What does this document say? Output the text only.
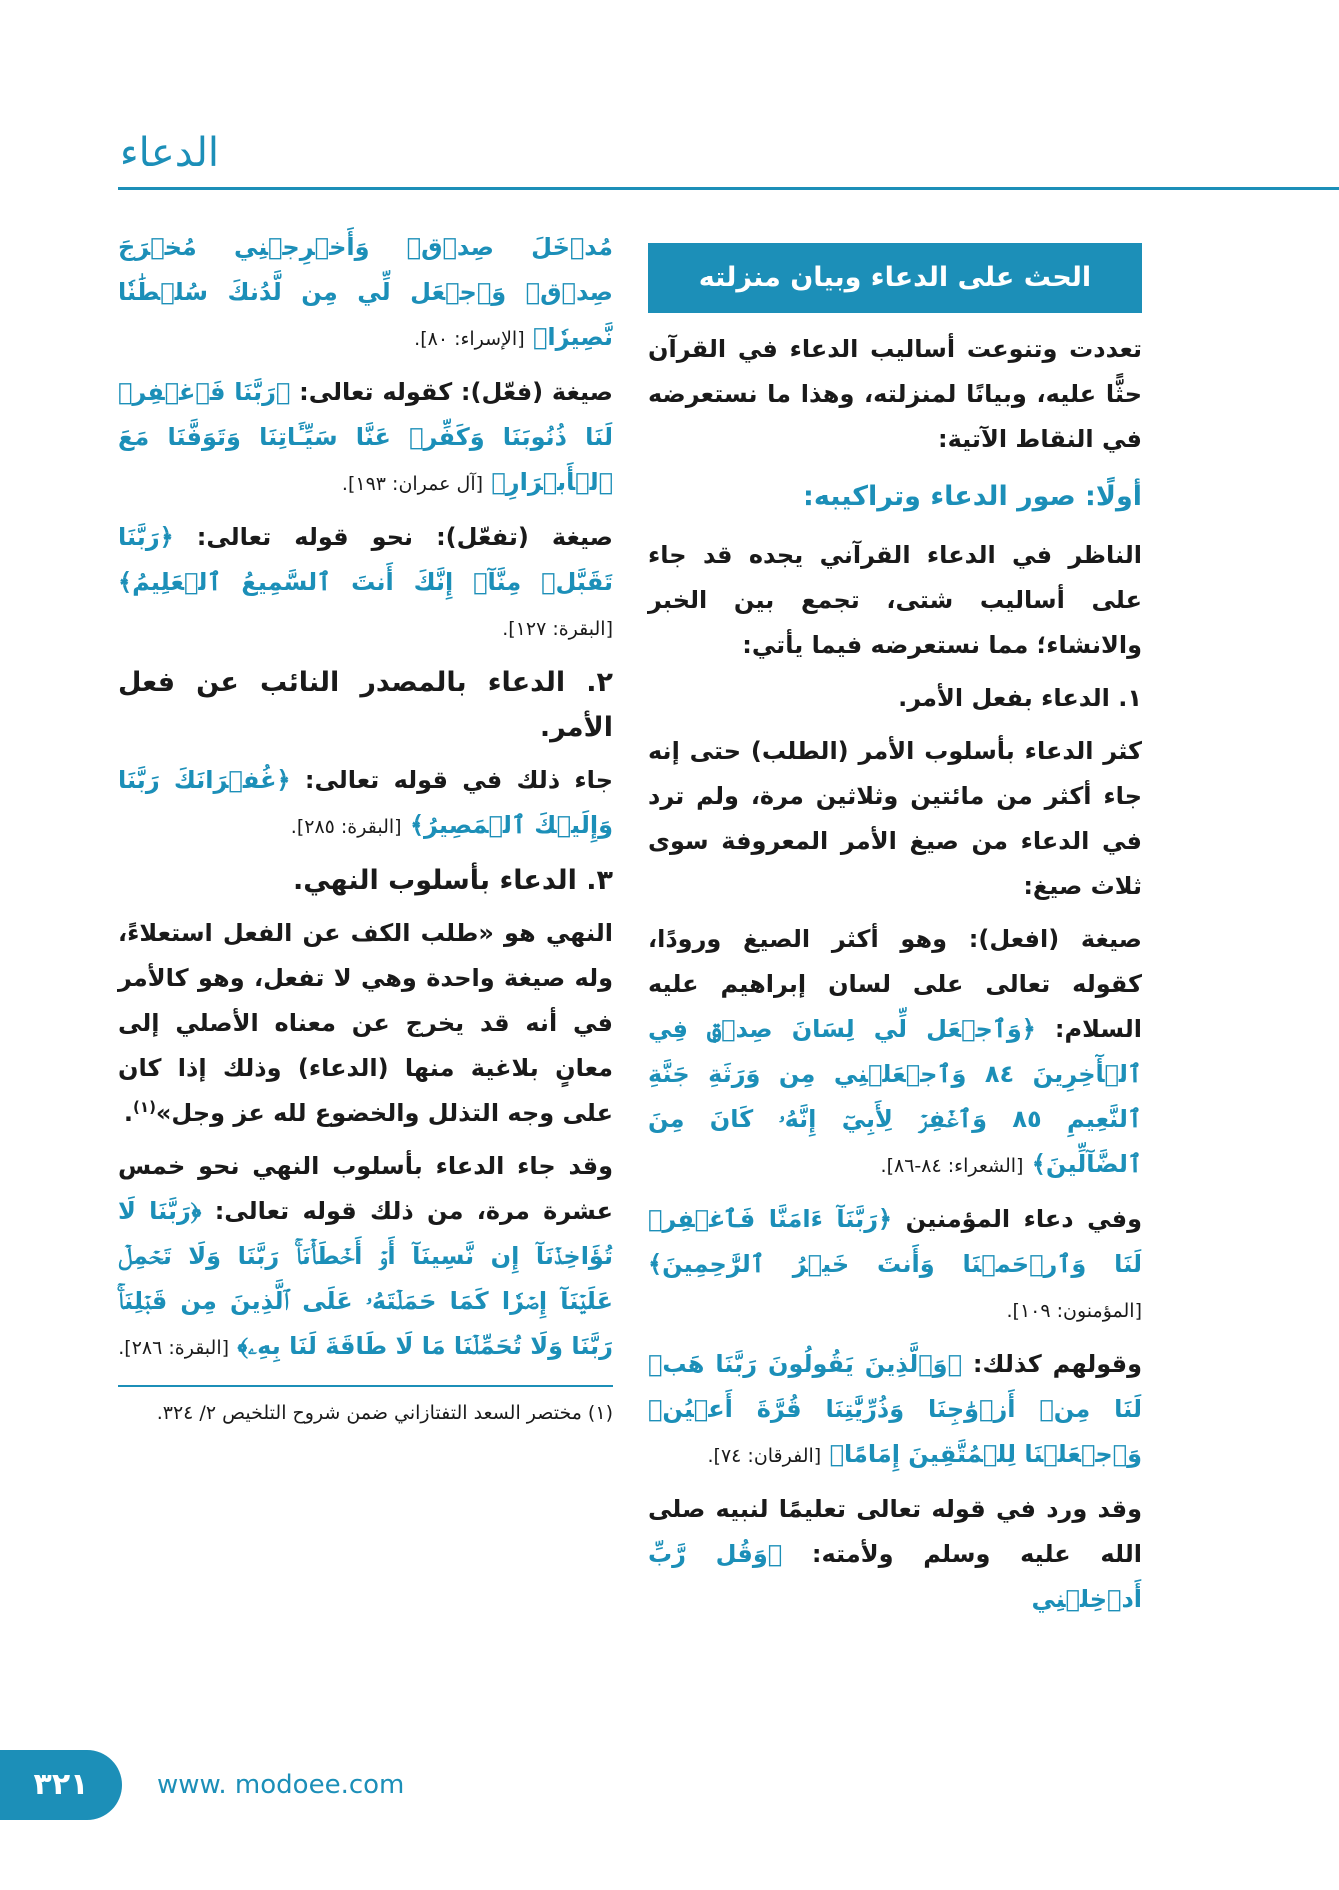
الدعاء
الحث على الدعاء وبيان منزلته

تعددت وتنوعت أساليب الدعاء في القرآن حثًّا عليه، وبيانًا لمنزلته، وهذا ما نستعرضه في النقاط الآتية:

أولًا: صور الدعاء وتراكيبه:

الناظر في الدعاء القرآني يجده قد جاء على أساليب شتى، تجمع بين الخبر والانشاء؛ مما نستعرضه فيما يأتي:

١. الدعاء بفعل الأمر.

كثر الدعاء بأسلوب الأمر (الطلب) حتى إنه جاء أكثر من مائتين وثلاثين مرة، ولم ترد في الدعاء من صيغ الأمر المعروفة سوى ثلاث صيغ:

صيغة (افعل): وهو أكثر الصيغ ورودًا، كقوله تعالى على لسان إبراهيم عليه السلام: ﴿وَٱجۡعَل لِّي لِسَانَ صِدۡقٖ فِي ٱلۡأٓخِرِينَ ٨٤ وَٱجۡعَلۡنِي مِن وَرَثَةِ جَنَّةِ ٱلنَّعِيمِ ٨٥ وَٱغۡفِرۡ لِأَبِيٓ إِنَّهُۥ كَانَ مِنَ ٱلضَّآلِّينَ﴾ [الشعراء: ٨٤-٨٦].

وفي دعاء المؤمنين ﴿رَبَّنَآ ءَامَنَّا فَٱغۡفِرۡ لَنَا وَٱرۡحَمۡنَا وَأَنتَ خَيۡرُ ٱلرَّٰحِمِينَ﴾ [المؤمنون: ١٠٩].

وقولهم كذلك: ﴿وَٱلَّذِينَ يَقُولُونَ رَبَّنَا هَبۡ لَنَا مِنۡ أَزۡوَٰجِنَا وَذُرِّيَّٰتِنَا قُرَّةَ أَعۡيُنٖ وَٱجۡعَلۡنَا لِلۡمُتَّقِينَ إِمَامًا﴾ [الفرقان: ٧٤].

وقد ورد في قوله تعالى تعليمًا لنبيه صلى الله عليه وسلم ولأمته: ﴿وَقُل رَّبِّ أَدۡخِلۡنِي

مُدۡخَلَ صِدۡقٖ وَأَخۡرِجۡنِي مُخۡرَجَ صِدۡقٖ وَٱجۡعَل لِّي مِن لَّدُنكَ سُلۡطَٰنٗا نَّصِيرٗا﴾ [الإسراء: ٨٠].

صيغة (فعّل): كقوله تعالى: ﴿رَبَّنَا فَٱغۡفِرۡ لَنَا ذُنُوبَنَا وَكَفِّرۡ عَنَّا سَيِّـَٔاتِنَا وَتَوَفَّنَا مَعَ ٱلۡأَبۡرَارِ﴾ [آل عمران: ١٩٣].

صيغة (تفعّل): نحو قوله تعالى: ﴿رَبَّنَا تَقَبَّلۡ مِنَّآۖ إِنَّكَ أَنتَ ٱلسَّمِيعُ ٱلۡعَلِيمُ﴾ [البقرة: ١٢٧].

٢. الدعاء بالمصدر النائب عن فعل الأمر.

جاء ذلك في قوله تعالى: ﴿غُفۡرَانَكَ رَبَّنَا وَإِلَيۡكَ ٱلۡمَصِيرُ﴾ [البقرة: ٢٨٥].

٣. الدعاء بأسلوب النهي.

النهي هو «طلب الكف عن الفعل استعلاءً، وله صيغة واحدة وهي لا تفعل، وهو كالأمر في أنه قد يخرج عن معناه الأصلي إلى معانٍ بلاغية منها (الدعاء) وذلك إذا كان على وجه التذلل والخضوع لله عز وجل»$^{(١)}$.

وقد جاء الدعاء بأسلوب النهي نحو خمس عشرة مرة، من ذلك قوله تعالى: ﴿رَبَّنَا لَا تُؤَاخِذۡنَآ إِن نَّسِينَآ أَوۡ أَخۡطَأۡنَاۚ رَبَّنَا وَلَا تَحۡمِلۡ عَلَيۡنَآ إِصۡرٗا كَمَا حَمَلۡتَهُۥ عَلَى ٱلَّذِينَ مِن قَبۡلِنَاۚ رَبَّنَا وَلَا تُحَمِّلۡنَا مَا لَا طَاقَةَ لَنَا بِهِۦ﴾ [البقرة: ٢٨٦].

(١) مختصر السعد التفتازاني ضمن شروح التلخيص ٢/ ٣٢٤.
٣٢١	www. modoee.com
